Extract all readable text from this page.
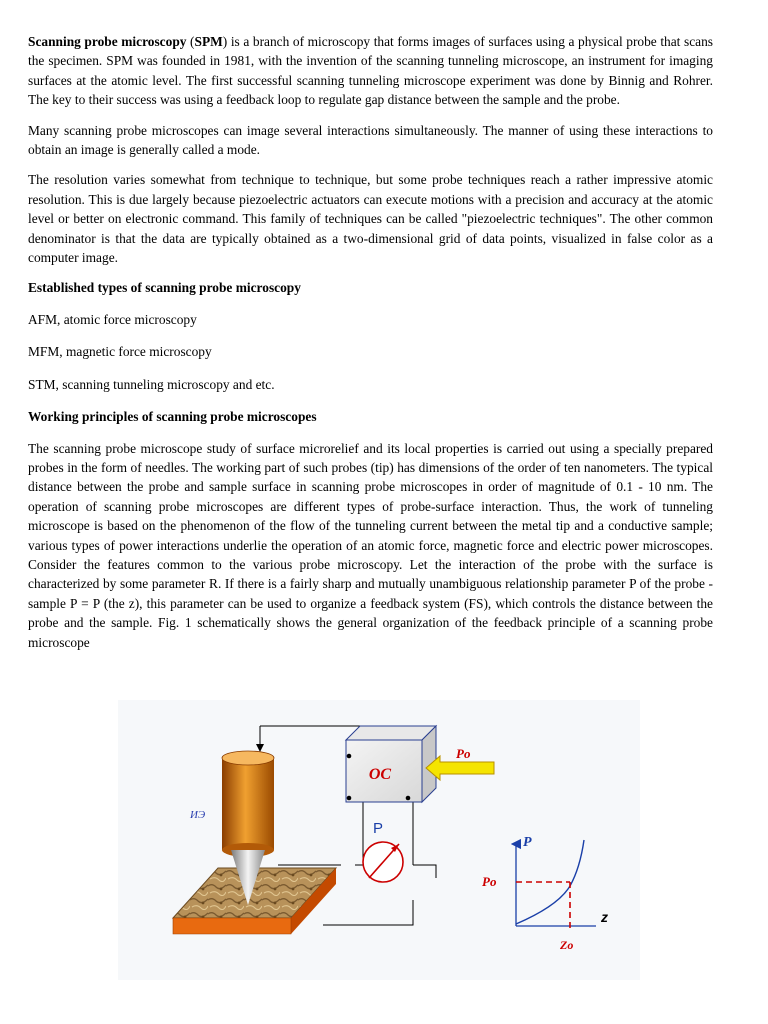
Scanning probe microscopy (SPM) is a branch of microscopy that forms images of surfaces using a physical probe that scans the specimen. SPM was founded in 1981, with the invention of the scanning tunneling microscope, an instrument for imaging surfaces at the atomic level. The first successful scanning tunneling microscope experiment was done by Binnig and Rohrer. The key to their success was using a feedback loop to regulate gap distance between the sample and the probe.

Many scanning probe microscopes can image several interactions simultaneously. The manner of using these interactions to obtain an image is generally called a mode.

The resolution varies somewhat from technique to technique, but some probe techniques reach a rather impressive atomic resolution. This is due largely because piezoelectric actuators can execute motions with a precision and accuracy at the atomic level or better on electronic command. This family of techniques can be called "piezoelectric techniques". The other common denominator is that the data are typically obtained as a two-dimensional grid of data points, visualized in false color as a computer image.

Established types of scanning probe microscopy

AFM, atomic force microscopy

MFM, magnetic force microscopy

STM, scanning tunneling microscopy and etc.

Working principles of scanning probe microscopes

The scanning probe microscope study of surface microrelief and its local properties is carried out using a specially prepared probes in the form of needles. The working part of such probes (tip) has dimensions of the order of ten nanometers. The typical distance between the probe and sample surface in scanning probe microscopes in order of magnitude of 0.1 - 10 nm. The operation of scanning probe microscopes are different types of probe-surface interaction. Thus, the work of tunneling microscope is based on the phenomenon of the flow of the tunneling current between the metal tip and a conductive sample; various types of power interactions underlie the operation of an atomic force, magnetic force and electric power microscopes. Consider the features common to the various probe microscopy. Let the interaction of the probe with the surface is characterized by some parameter R. If there is a fairly sharp and mutually unambiguous relationship parameter P of the probe - sample P = P (the z), this parameter can be used to organize a feedback system (FS), which controls the distance between the probe and the sample. Fig. 1 schematically shows the general organization of the feedback principle of a scanning probe microscope

ИЭ
OC
Po
P
P
Po
z
Zo
